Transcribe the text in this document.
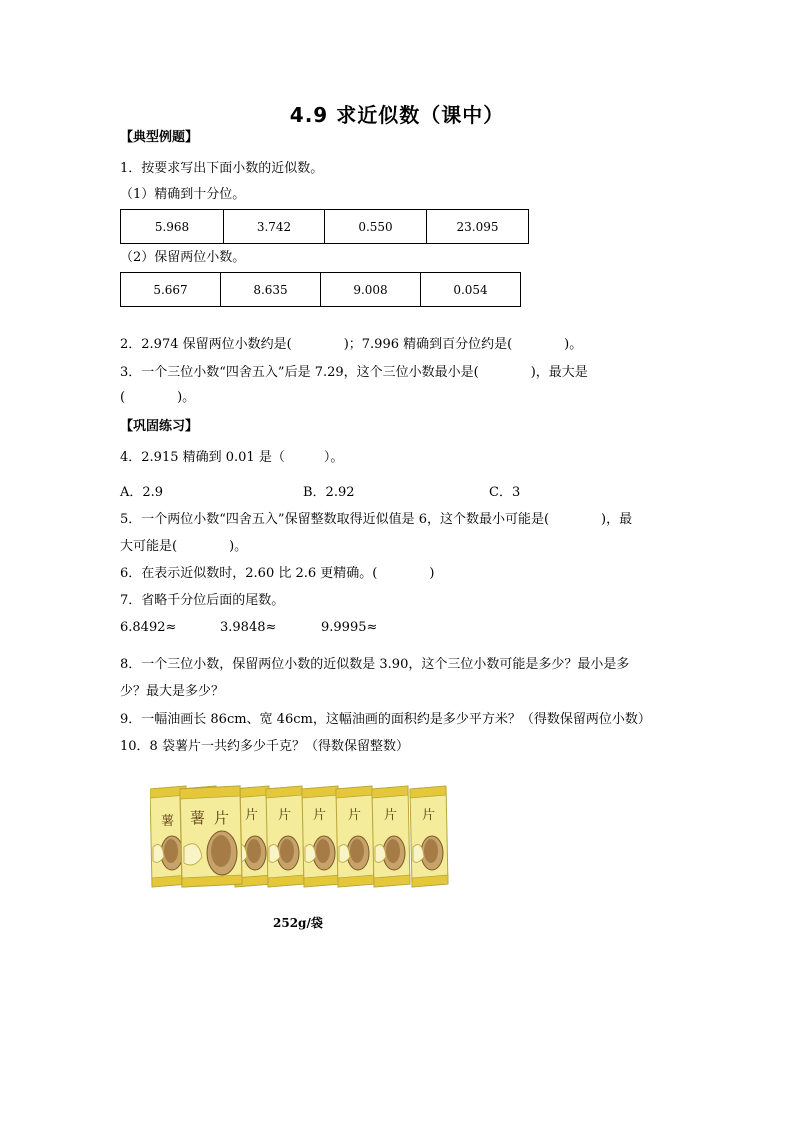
4.9 求近似数（课中）
【典型例题】
1．按要求写出下面小数的近似数。
（1）精确到十分位。
5.968	3.742	0.550	23.095
（2）保留两位小数。
5.667	8.635	9.008	0.054
2．2.974 保留两位小数约是(　　　　)；7.996 精确到百分位约是(　　　　)。
3．一个三位小数“四舍五入”后是 7.29，这个三位小数最小是(　　　　)，最大是
(　　　　)。
【巩固练习】
4．2.915 精确到 0.01 是（　　　）。
A．2.9	B．2.92	C．3
5．一个两位小数“四舍五入”保留整数取得近似值是 6，这个数最小可能是(　　　　)，最
大可能是(　　　　)。
6．在表示近似数时，2.60 比 2.6 更精确。(　　　　)
7．省略千分位后面的尾数。
6.8492≈	3.9848≈	9.9995≈
8．一个三位小数，保留两位小数的近似数是 3.90，这个三位小数可能是多少？最小是多
少？最大是多少？
9．一幅油画长 86cm、宽 46cm，这幅油画的面积约是多少平方米？（得数保留两位小数）
10．8 袋薯片一共约多少千克？（得数保留整数）
薯 薯 片 片 片 片 片 片 片
252g/袋
